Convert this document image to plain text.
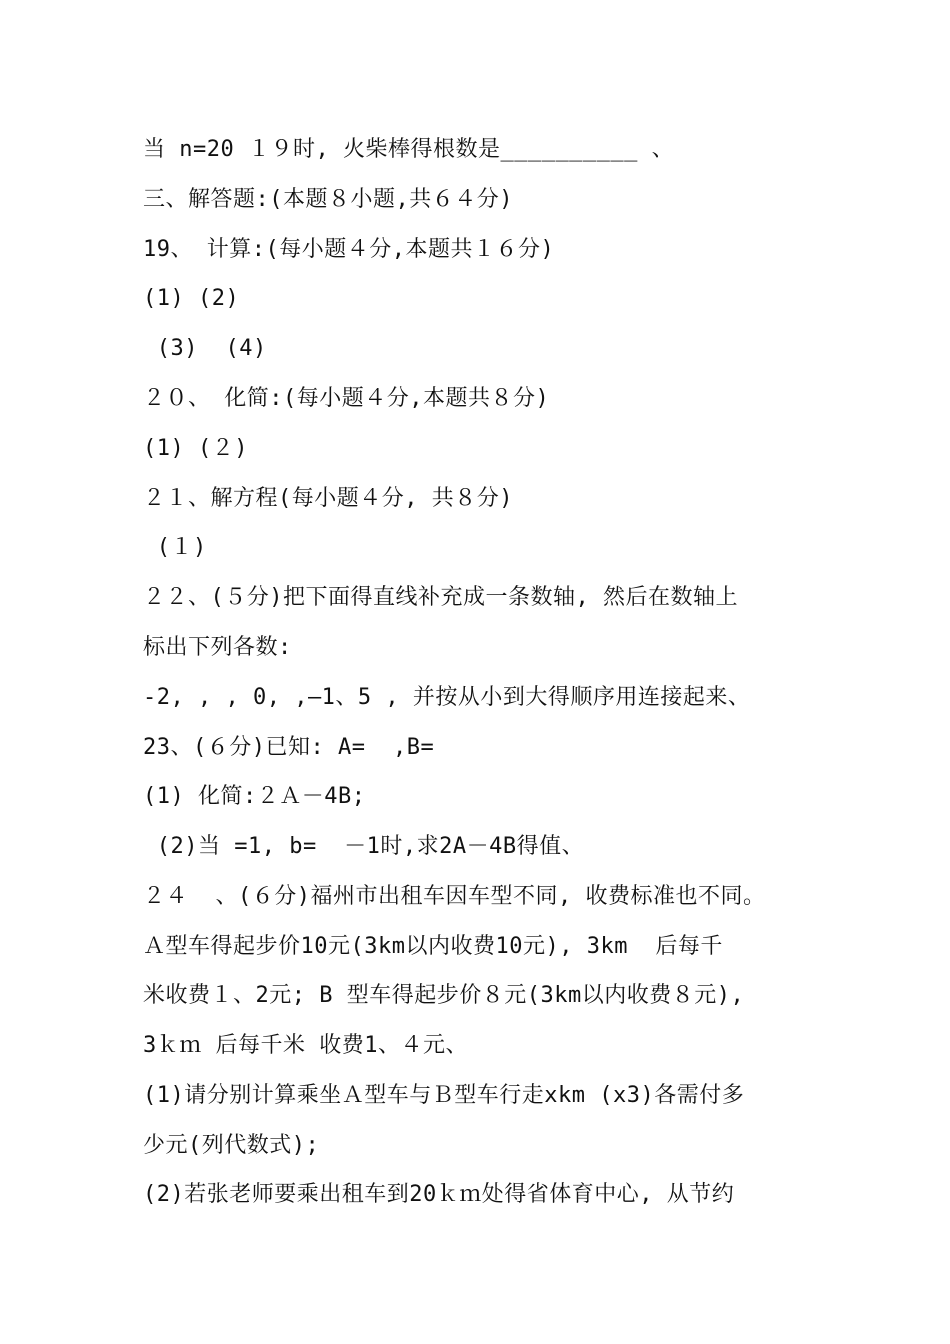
当 n=20 １９时, 火柴棒得根数是__________ 、
三、解答题:(本题８小题,共６４分)
19、 计算:(每小题４分,本题共１６分)
(1) (2)
(3)  (4)
２０、 化简:(每小题４分,本题共８分)
(1) (２)
２１、解方程(每小题４分, 共８分)
(１)
２２、(５分)把下面得直线补充成一条数轴, 然后在数轴上
标出下列各数:
-2, , , 0, ,—1、5 , 并按从小到大得顺序用连接起来、
23、(６分)已知: A=  ,B=
(1) 化简:２Ａ－4B;
(2)当 =1, b=  －1时,求2A－4B得值、
２４  、(６分)福州市出租车因车型不同, 收费标准也不同。
Ａ型车得起步价10元(3km以内收费10元), 3km  后每千
米收费１、2元; B 型车得起步价８元(3km以内收费８元),
3ｋｍ 后每千米 收费1、４元、
(1)请分别计算乘坐Ａ型车与Ｂ型车行走xkm (x3)各需付多
少元(列代数式);
(2)若张老师要乘出租车到20ｋｍ处得省体育中心, 从节约
